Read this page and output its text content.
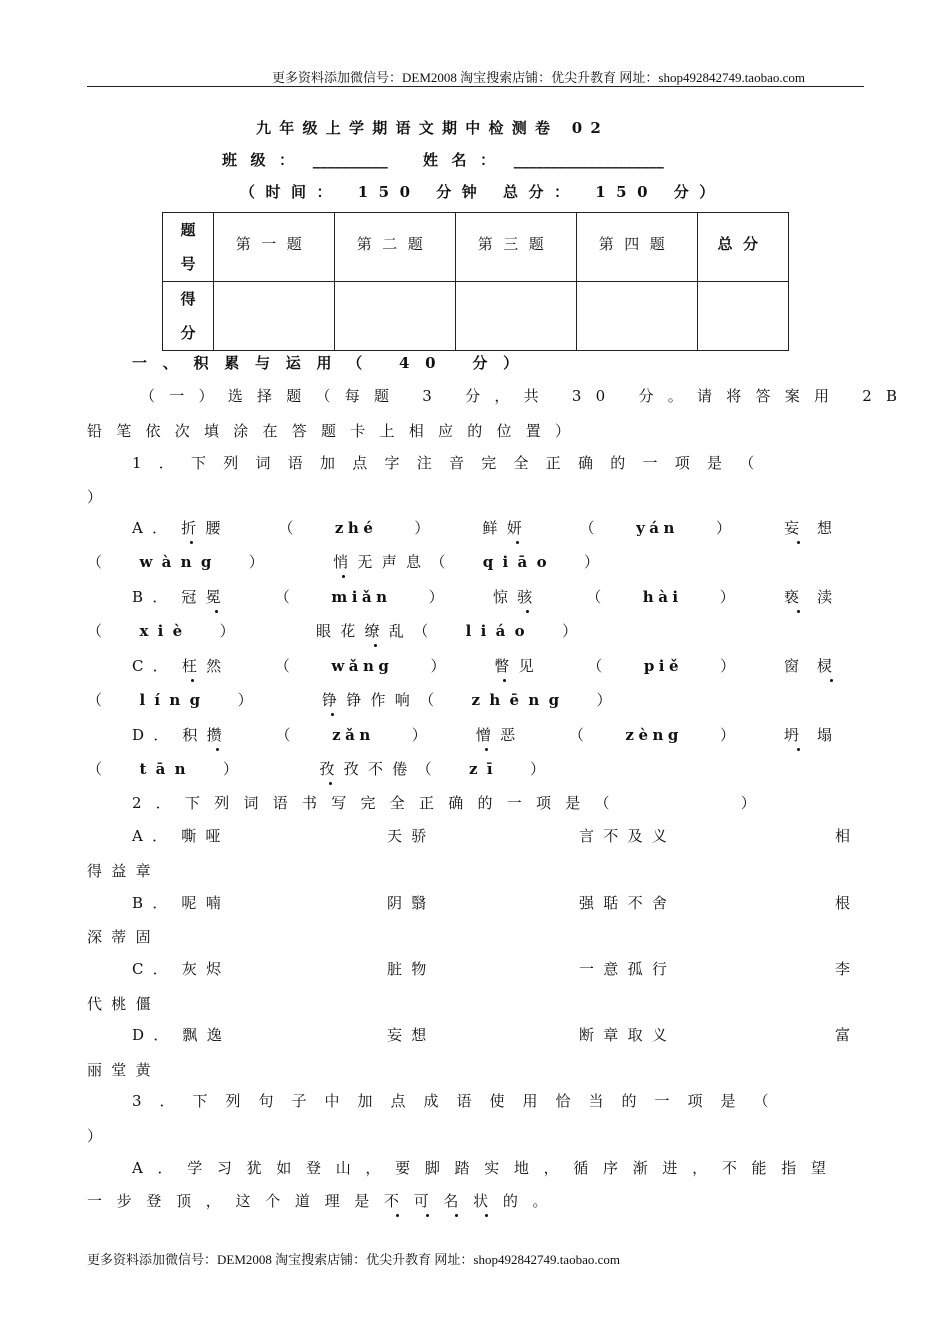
更多资料添加微信号：DEM2008 淘宝搜索店铺：优尖升教育 网址：shop492842749.taobao.com
九年级上学期语文期中检测卷 02
班级： __________ 姓名： ____________________
（时间： 150 分钟 总分： 150 分）
题号	第一题	第二题	第三题	第四题	总分
得分					
一、积累与运用（ 40 分）
（一）选择题（每题 3 分，共 30 分。请将答案用 2B
铅笔依次填涂在答题卡上相应的位置）
1．下列词语加点字注音完全正确的一项是（
）
A． 折腰	（    zhé    ）	鲜妍	（    yán    ）	妄想
（  wàng  ）	悄无声息 （  qiāo  ）
B． 冠冕	（    miǎn    ）	惊骇	（    hài    ）	亵渎
（  xiè  ）	眼花缭乱 （  liáo  ）
C． 枉然	（    wǎng    ）	瞥见	（    piě    ）	窗棂
（  líng  ）	铮铮作响 （  zhēng  ）
D． 积攒	（    zǎn    ）	憎恶	（    zèng    ）	坍塌
（  tān  ）	孜孜不倦 （  zī  ）
2．下列词语书写完全正确的一项是（　　　　）
A． 嘶哑	天骄	言不及义	相
得益章
B． 呢喃	阴翳	强聒不舍	根
深蒂固
C． 灰烬	脏物	一意孤行	李
代桃僵
D． 飘逸	妄想	断章取义	富
丽堂黄
3．下列句子中加点成语使用恰当的一项是（
）
A．学习犹如登山，要脚踏实地，循序渐进，不能指望
一步登顶，这个道理是不可名状的。
更多资料添加微信号：DEM2008 淘宝搜索店铺：优尖升教育 网址：shop492842749.taobao.com
